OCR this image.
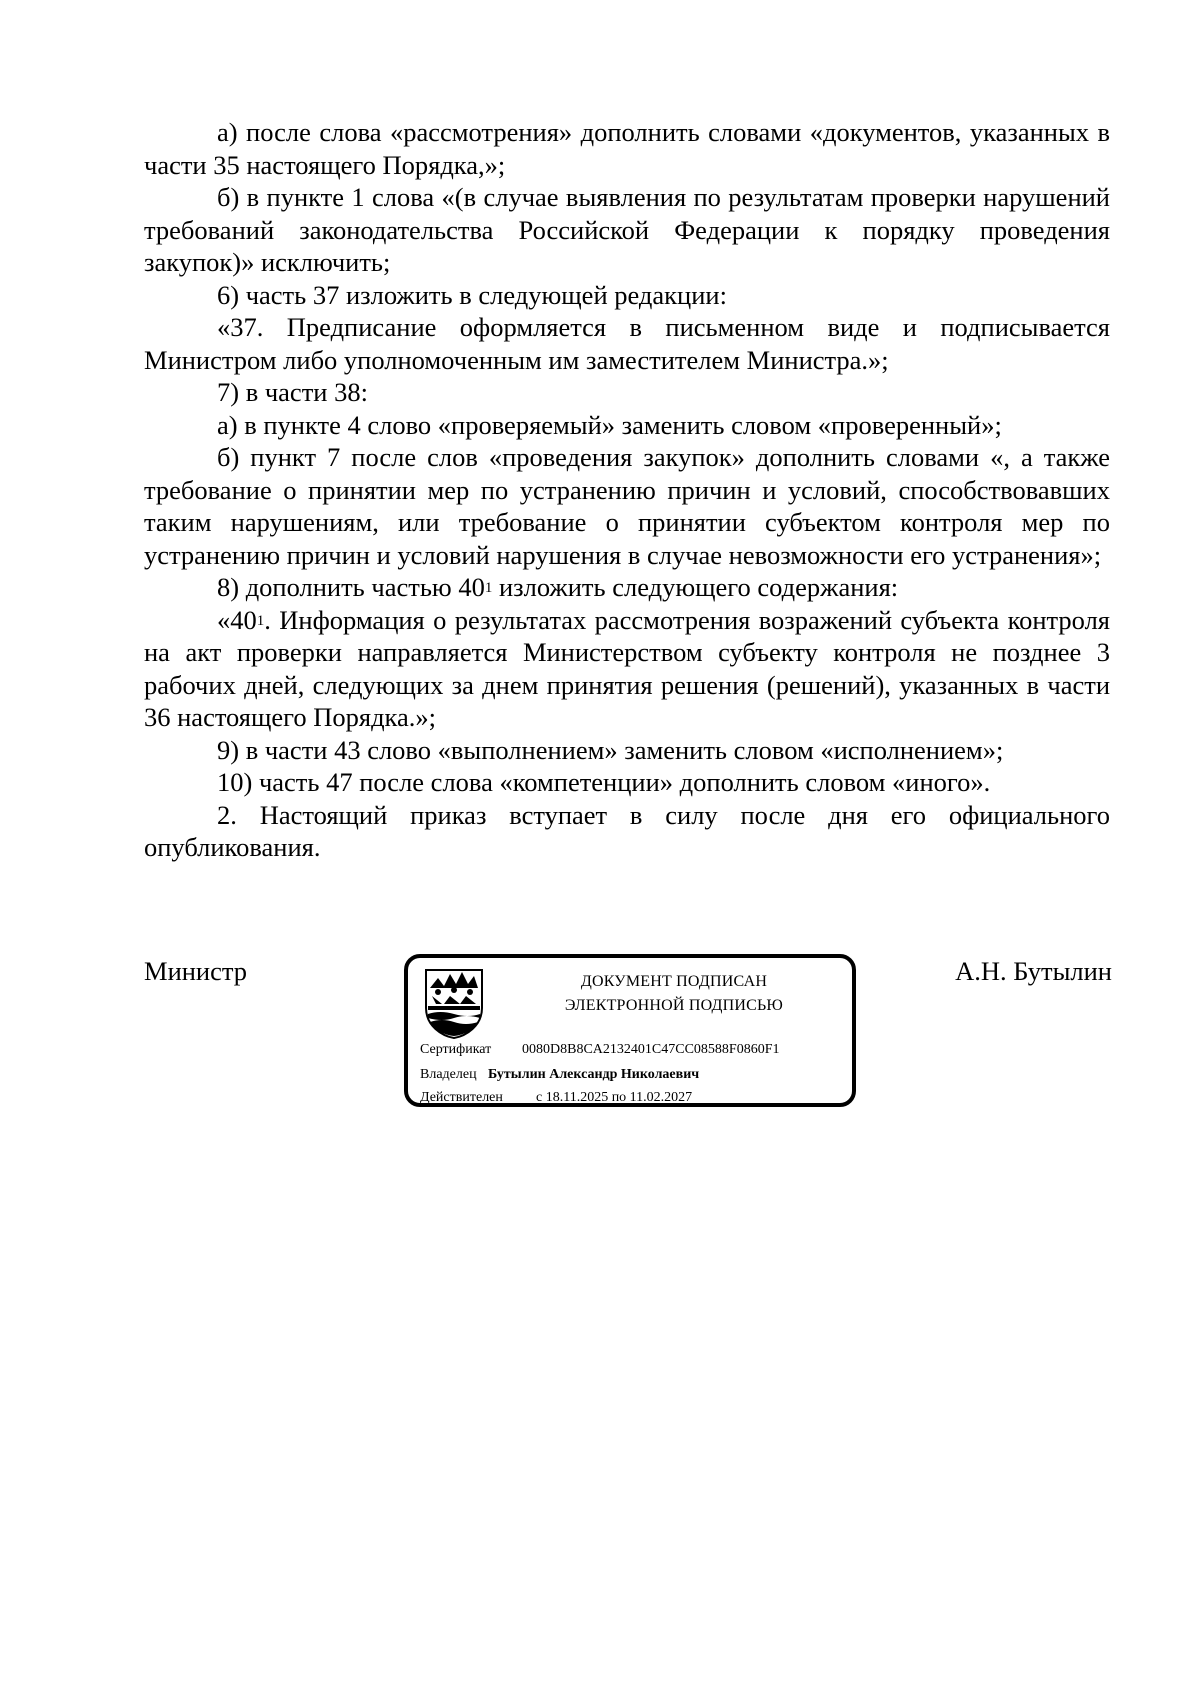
а) после слова «рассмотрения» дополнить словами «документов, указанных в части 35 настоящего Порядка,»;

б) в пункте 1 слова «(в случае выявления по результатам проверки нарушений требований законодательства Российской Федерации к порядку проведения закупок)» исключить;

6) часть 37 изложить в следующей редакции:

«37. Предписание оформляется в письменном виде и подписывается Министром либо уполномоченным им заместителем Министра.»;

7) в части 38:

а) в пункте 4 слово «проверяемый» заменить словом «проверенный»;

б) пункт 7 после слов «проведения закупок» дополнить словами «, а также требование о принятии мер по устранению причин и условий, способствовавших таким нарушениям, или требование о принятии субъектом контроля мер по устранению причин и условий нарушения в случае невозможности его устранения»;

8) дополнить частью $40^1$ изложить следующего содержания:

«$40^1$. Информация о результатах рассмотрения возражений субъекта контроля на акт проверки направляется Министерством субъекту контроля не позднее 3 рабочих дней, следующих за днем принятия решения (решений), указанных в части 36 настоящего Порядка.»;

9) в части 43 слово «выполнением» заменить словом «исполнением»;

10) часть 47 после слова «компетенции» дополнить словом «иного».

2. Настоящий приказ вступает в силу после дня его официального опубликования.

Министр	А.Н. Бутылин
ДОКУМЕНТ ПОДПИСАН
ЭЛЕКТРОННОЙ ПОДПИСЬЮ
Сертификат 0080D8B8CA2132401C47CC08588F0860F1
Владелец Бутылин Александр Николаевич
Действителен с 18.11.2025 по 11.02.2027
